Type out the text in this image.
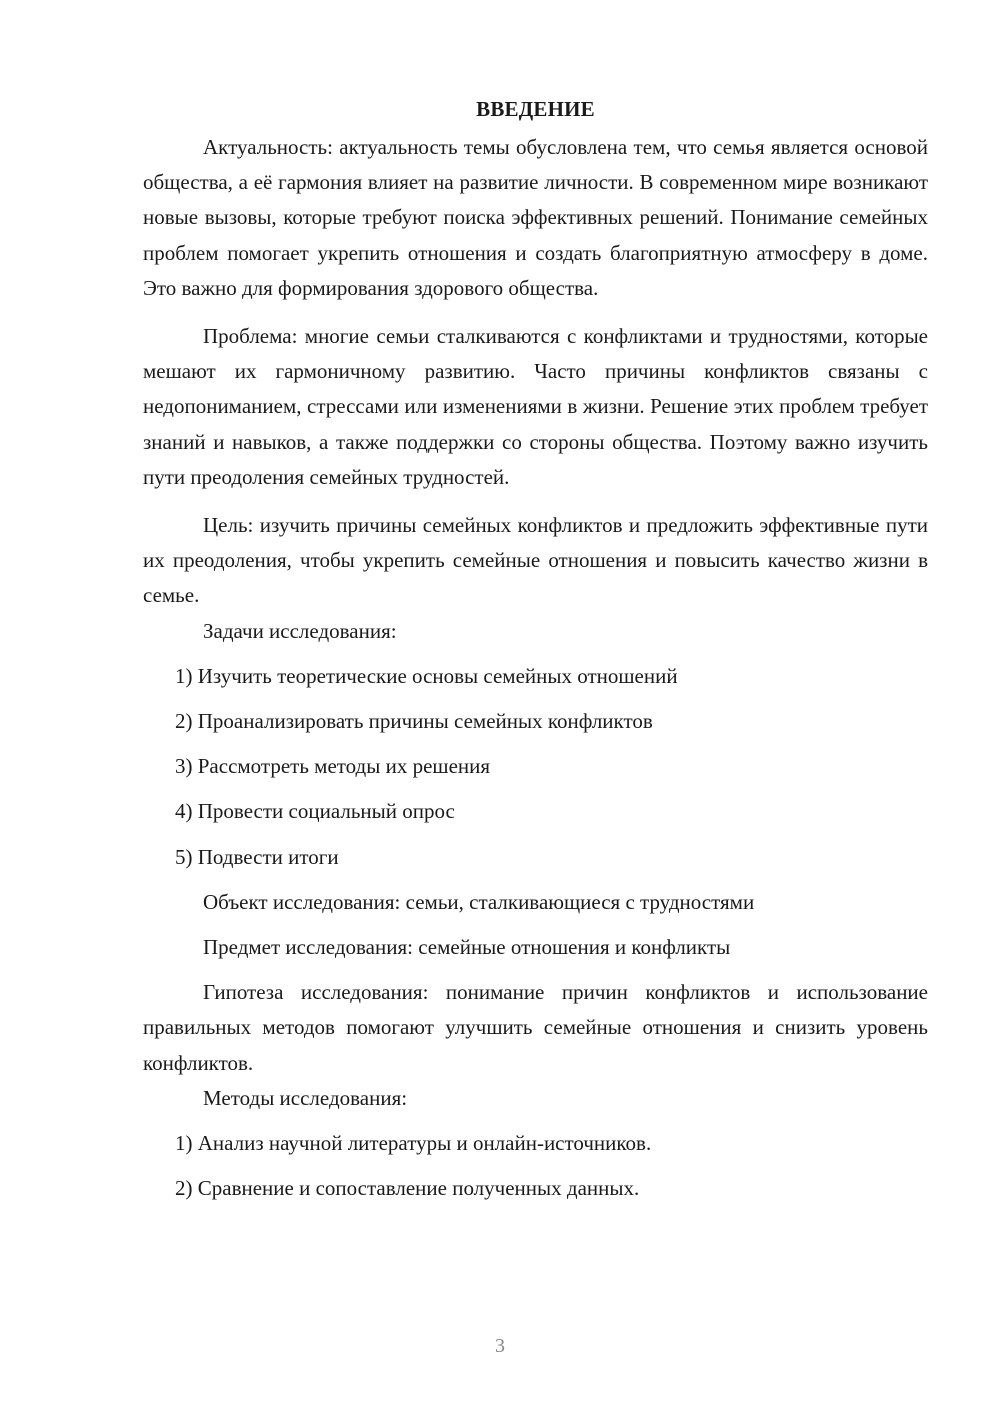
ВВЕДЕНИЕ

Актуальность: актуальность темы обусловлена тем, что семья является основой общества, а её гармония влияет на развитие личности. В современном мире возникают новые вызовы, которые требуют поиска эффективных решений. Понимание семейных проблем помогает укрепить отношения и создать благоприятную атмосферу в доме. Это важно для формирования здорового общества.

Проблема: многие семьи сталкиваются с конфликтами и трудностями, которые мешают их гармоничному развитию. Часто причины конфликтов связаны с недопониманием, стрессами или изменениями в жизни. Решение этих проблем требует знаний и навыков, а также поддержки со стороны общества. Поэтому важно изучить пути преодоления семейных трудностей.

Цель: изучить причины семейных конфликтов и предложить эффективные пути их преодоления, чтобы укрепить семейные отношения и повысить качество жизни в семье.

Задачи исследования:

1) Изучить теоретические основы семейных отношений

2) Проанализировать причины семейных конфликтов

3) Рассмотреть методы их решения

4) Провести социальный опрос

5) Подвести итоги

Объект исследования: семьи, сталкивающиеся с трудностями

Предмет исследования: семейные отношения и конфликты

Гипотеза исследования: понимание причин конфликтов и использование правильных методов помогают улучшить семейные отношения и снизить уровень конфликтов.

Методы исследования:

1) Анализ научной литературы и онлайн-источников.

2) Сравнение и сопоставление полученных данных.

3
